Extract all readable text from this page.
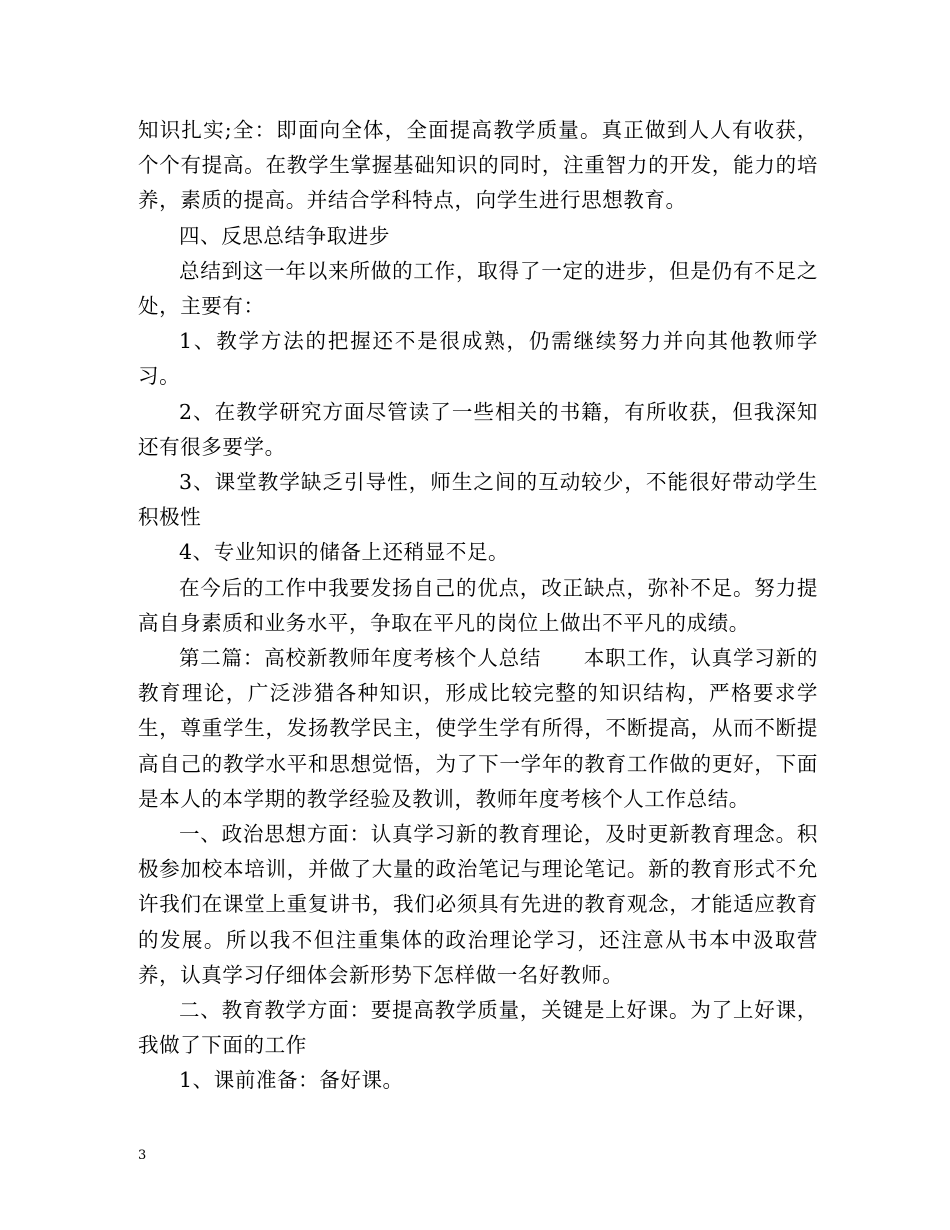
知识扎实;全：即面向全体，全面提高教学质量。真正做到人人有收获，个个有提高。在教学生掌握基础知识的同时，注重智力的开发，能力的培养，素质的提高。并结合学科特点，向学生进行思想教育。

四、反思总结争取进步

总结到这一年以来所做的工作，取得了一定的进步，但是仍有不足之处，主要有：

1、教学方法的把握还不是很成熟，仍需继续努力并向其他教师学习。

2、在教学研究方面尽管读了一些相关的书籍，有所收获，但我深知还有很多要学。

3、课堂教学缺乏引导性，师生之间的互动较少，不能很好带动学生积极性

4、专业知识的储备上还稍显不足。

在今后的工作中我要发扬自己的优点，改正缺点，弥补不足。努力提高自身素质和业务水平，争取在平凡的岗位上做出不平凡的成绩。

第二篇：高校新教师年度考核个人总结　　本职工作，认真学习新的教育理论，广泛涉猎各种知识，形成比较完整的知识结构，严格要求学生，尊重学生，发扬教学民主，使学生学有所得，不断提高，从而不断提高自己的教学水平和思想觉悟，为了下一学年的教育工作做的更好，下面是本人的本学期的教学经验及教训，教师年度考核个人工作总结。

一、政治思想方面：认真学习新的教育理论，及时更新教育理念。积极参加校本培训，并做了大量的政治笔记与理论笔记。新的教育形式不允许我们在课堂上重复讲书，我们必须具有先进的教育观念，才能适应教育的发展。所以我不但注重集体的政治理论学习，还注意从书本中汲取营养，认真学习仔细体会新形势下怎样做一名好教师。

二、教育教学方面：要提高教学质量，关键是上好课。为了上好课，我做了下面的工作

1、课前准备：备好课。

3
